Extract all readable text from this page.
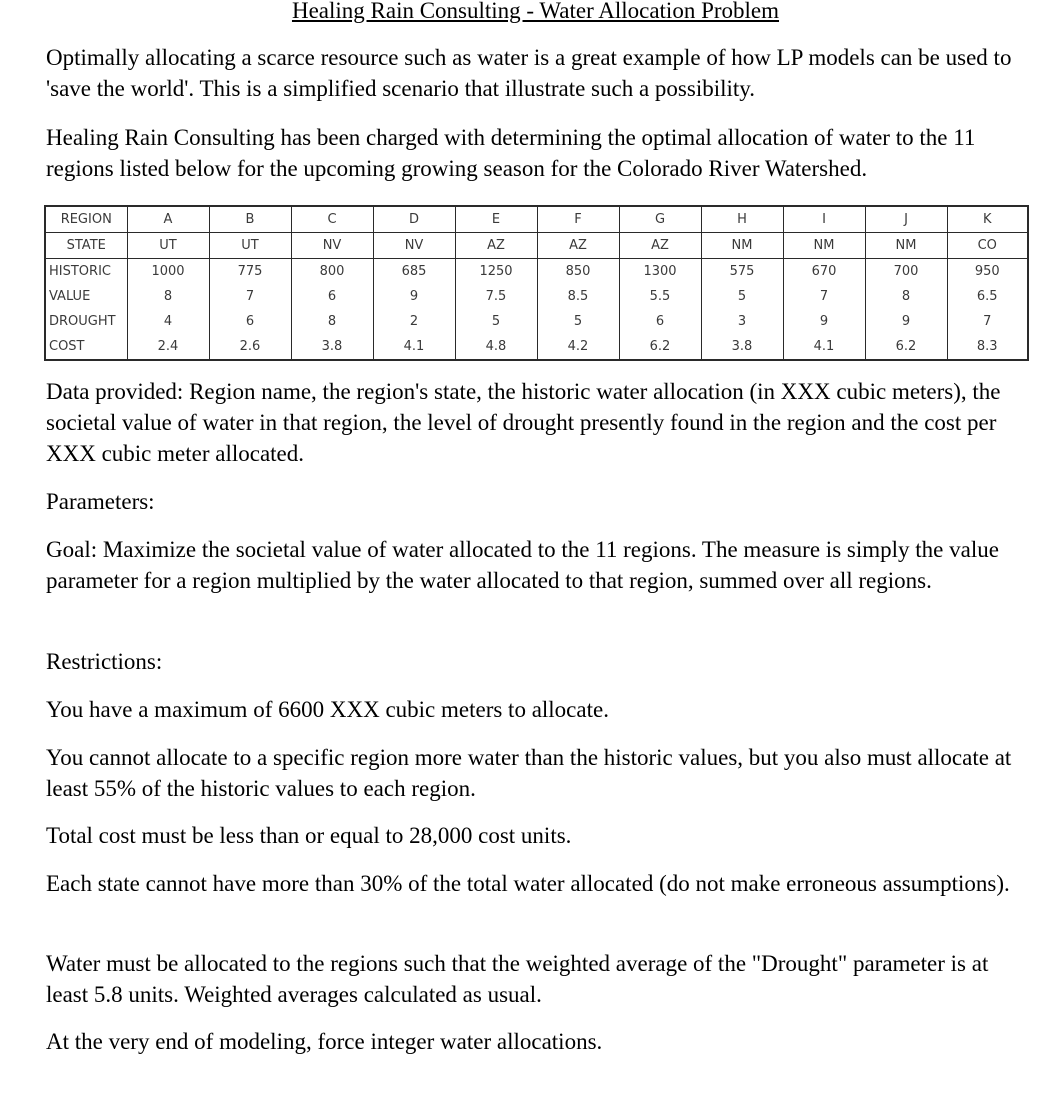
Healing Rain Consulting - Water Allocation Problem

Optimally allocating a scarce resource such as water is a great example of how LP models can be used to 'save the world'. This is a simplified scenario that illustrate such a possibility.

Healing Rain Consulting has been charged with determining the optimal allocation of water to the 11 regions listed below for the upcoming growing season for the Colorado River Watershed.

REGION	A	B	C	D	E	F	G	H	I	J	K
STATE	UT	UT	NV	NV	AZ	AZ	AZ	NM	NM	NM	CO
HISTORIC	1000	775	800	685	1250	850	1300	575	670	700	950
VALUE	8	7	6	9	7.5	8.5	5.5	5	7	8	6.5
DROUGHT	4	6	8	2	5	5	6	3	9	9	7
COST	2.4	2.6	3.8	4.1	4.8	4.2	6.2	3.8	4.1	6.2	8.3

Data provided: Region name, the region's state, the historic water allocation (in XXX cubic meters), the societal value of water in that region, the level of drought presently found in the region and the cost per XXX cubic meter allocated.

Parameters:

Goal: Maximize the societal value of water allocated to the 11 regions. The measure is simply the value parameter for a region multiplied by the water allocated to that region, summed over all regions.

Restrictions:

You have a maximum of 6600 XXX cubic meters to allocate.

You cannot allocate to a specific region more water than the historic values, but you also must allocate at least 55% of the historic values to each region.

Total cost must be less than or equal to 28,000 cost units.

Each state cannot have more than 30% of the total water allocated (do not make erroneous assumptions).

Water must be allocated to the regions such that the weighted average of the "Drought" parameter is at least 5.8 units. Weighted averages calculated as usual.

At the very end of modeling, force integer water allocations.
